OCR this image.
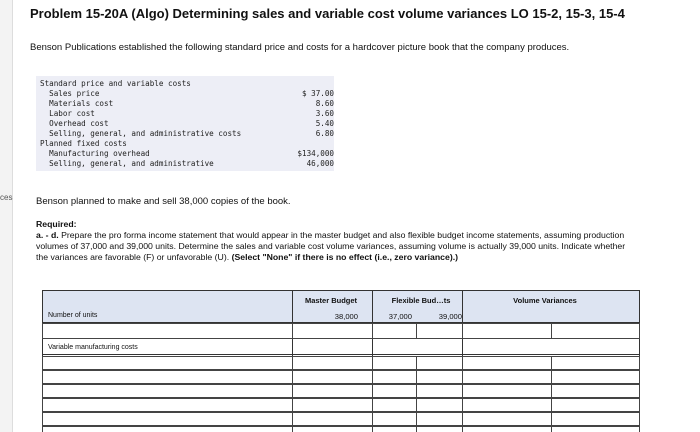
ces
Problem 15-20A (Algo) Determining sales and variable cost volume variances LO 15-2, 15-3, 15-4
Benson Publications established the following standard price and costs for a hardcover picture book that the company produces.
Standard price and variable costs
Sales price	$ 37.00
Materials cost	8.60
Labor cost	3.60
Overhead cost	5.40
Selling, general, and administrative costs	6.80
Planned fixed costs
Manufacturing overhead	$134,000
Selling, general, and administrative	46,000
Benson planned to make and sell 38,000 copies of the book.
Required:
a. - d. Prepare the pro forma income statement that would appear in the master budget and also flexible budget income statements, assuming production volumes of 37,000 and 39,000 units. Determine the sales and variable cost volume variances, assuming volume is actually 39,000 units. Indicate whether the variances are favorable (F) or unfavorable (U). (Select "None" if there is no effect (i.e., zero variance).)
Master Budget	Flexible Bud…ts	Volume Variances
Number of units	38,000	37,000	39,000
Variable manufacturing costs
